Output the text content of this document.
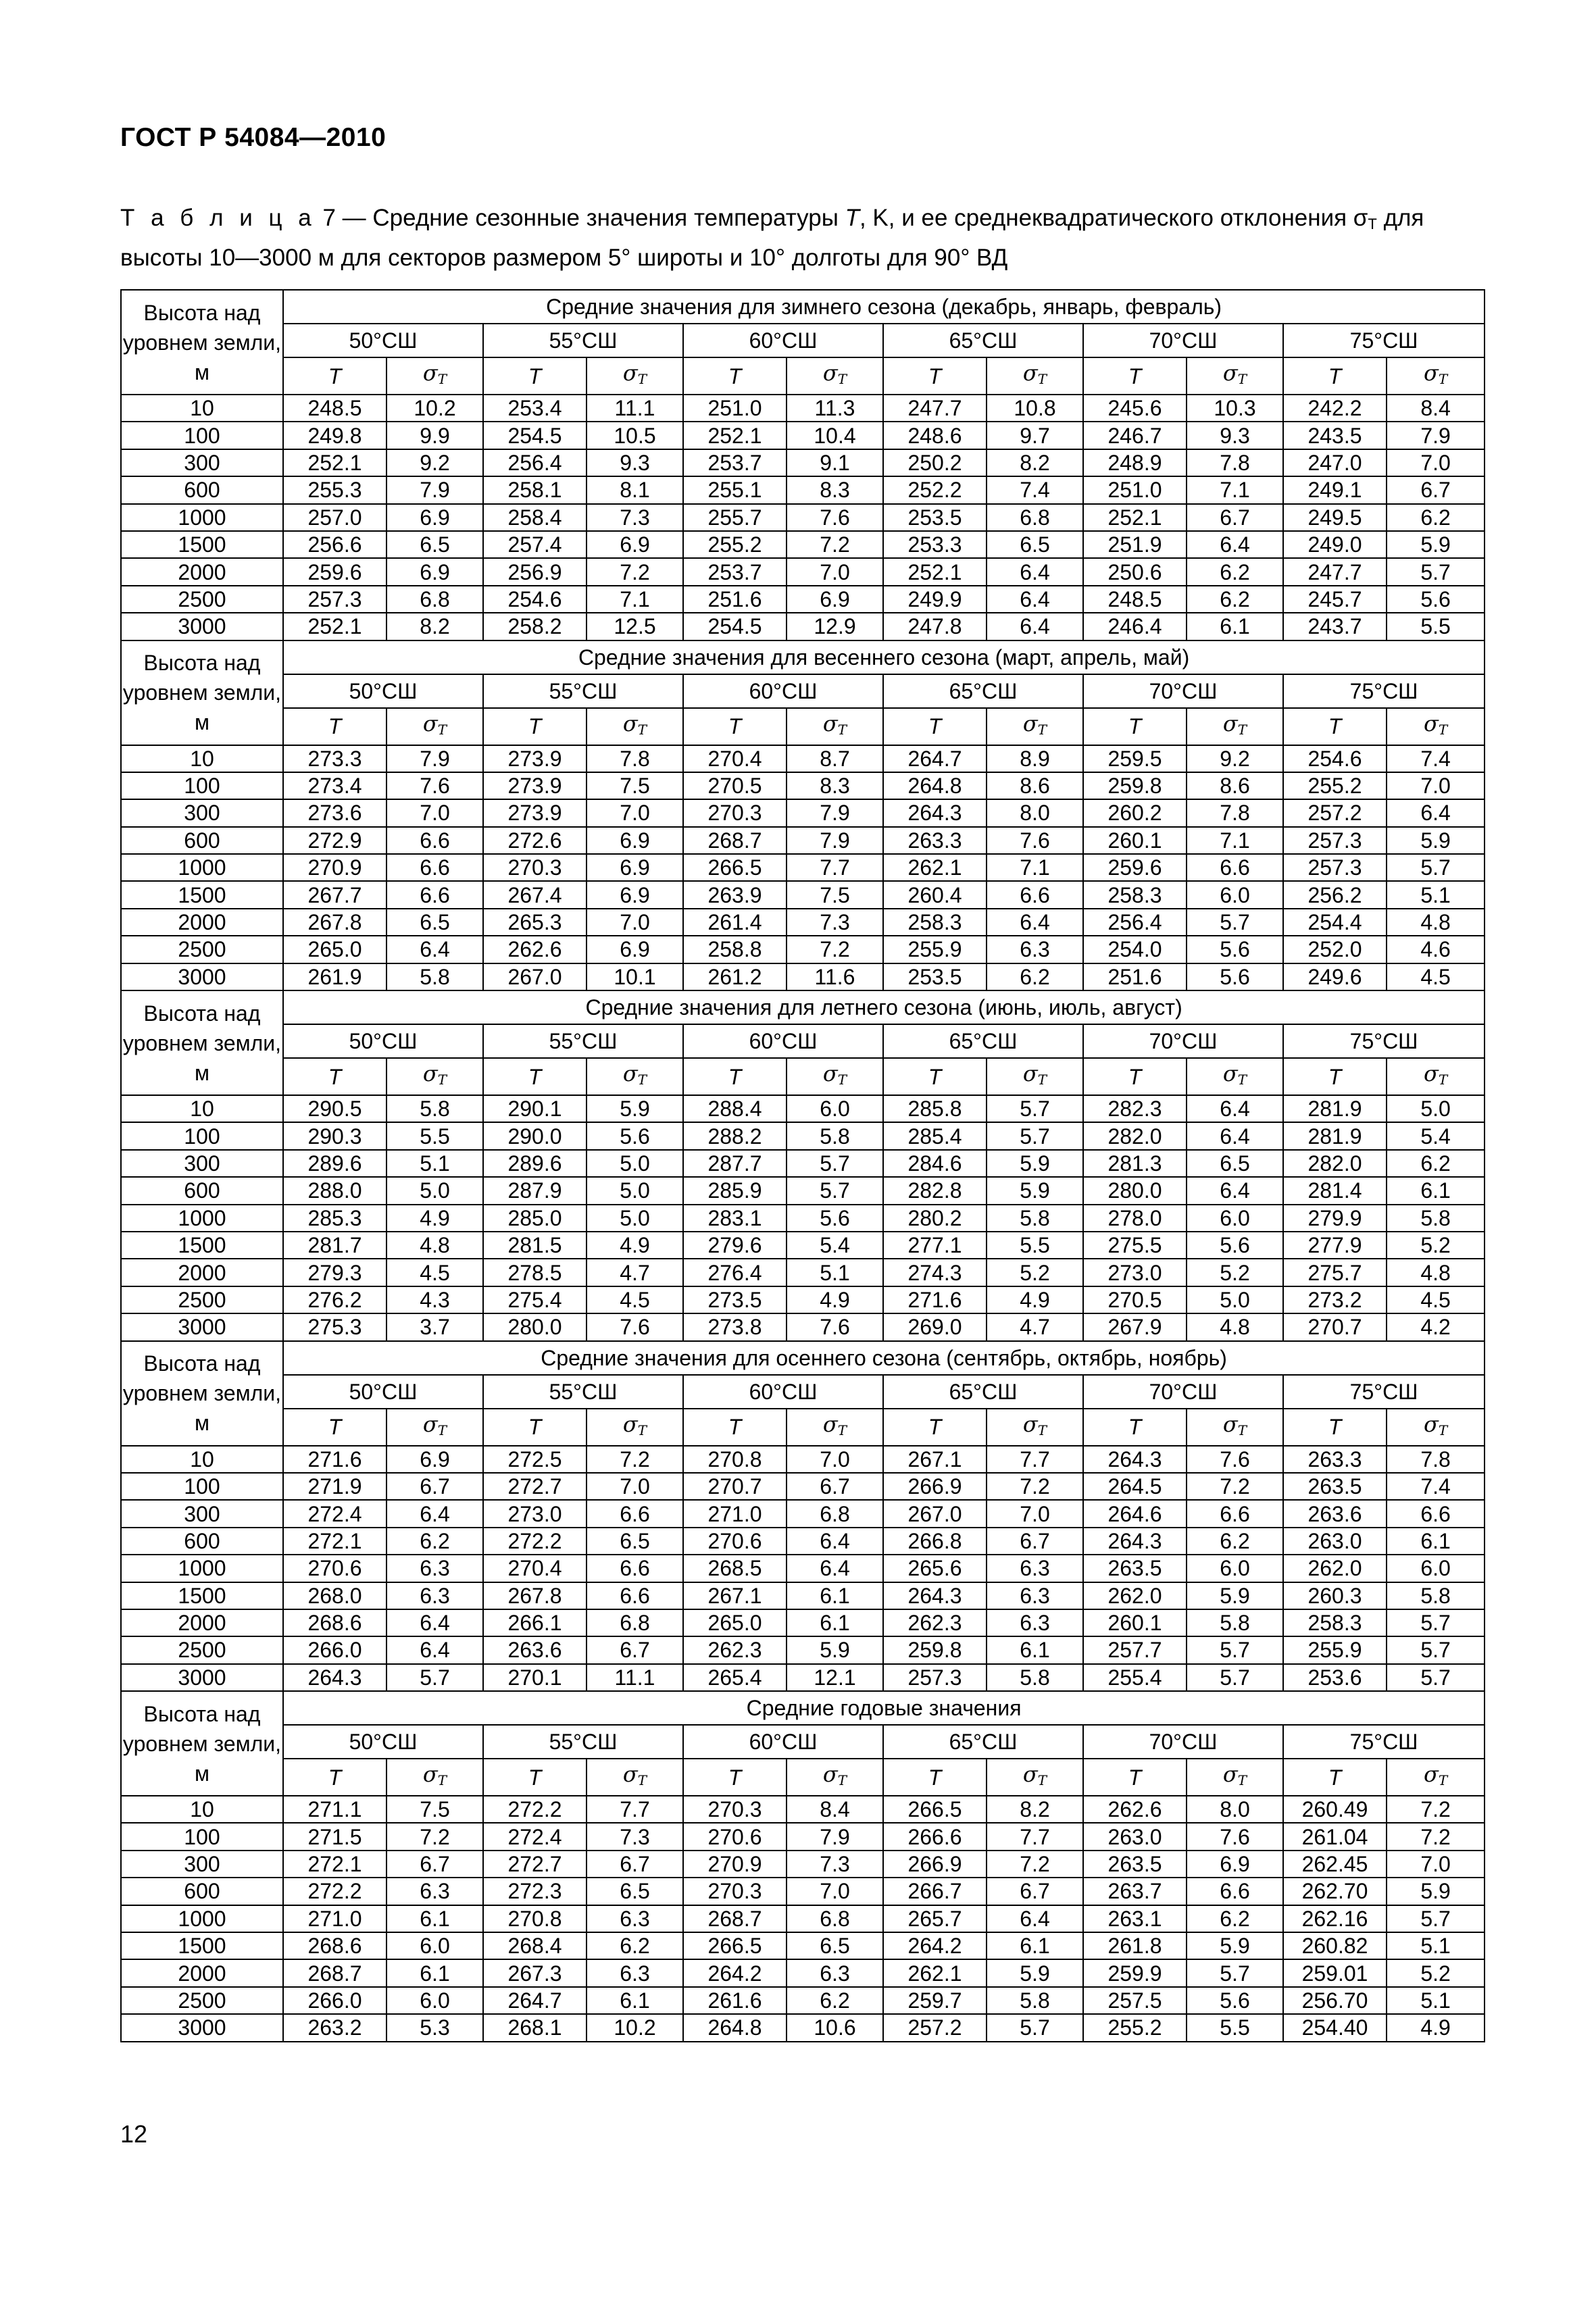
ГОСТ Р 54084—2010
Т а б л и ц а 7 — Средние сезонные значения температуры T, K, и ее среднеквадратического отклонения $\sigma_T$ для высоты 10—3000 м для секторов размером 5° широты и 10° долготы для 90° ВД
Высота над уровнем земли, м	Средние значения для зимнего сезона (декабрь, январь, февраль)											
	50°СШ		55°СШ		60°СШ		65°СШ		70°СШ		75°СШ	
	T	$\sigma_T$	T	$\sigma_T$	T	$\sigma_T$	T	$\sigma_T$	T	$\sigma_T$	T	$\sigma_T$
10	248.5	10.2	253.4	11.1	251.0	11.3	247.7	10.8	245.6	10.3	242.2	8.4
100	249.8	9.9	254.5	10.5	252.1	10.4	248.6	9.7	246.7	9.3	243.5	7.9
300	252.1	9.2	256.4	9.3	253.7	9.1	250.2	8.2	248.9	7.8	247.0	7.0
600	255.3	7.9	258.1	8.1	255.1	8.3	252.2	7.4	251.0	7.1	249.1	6.7
1000	257.0	6.9	258.4	7.3	255.7	7.6	253.5	6.8	252.1	6.7	249.5	6.2
1500	256.6	6.5	257.4	6.9	255.2	7.2	253.3	6.5	251.9	6.4	249.0	5.9
2000	259.6	6.9	256.9	7.2	253.7	7.0	252.1	6.4	250.6	6.2	247.7	5.7
2500	257.3	6.8	254.6	7.1	251.6	6.9	249.9	6.4	248.5	6.2	245.7	5.6
3000	252.1	8.2	258.2	12.5	254.5	12.9	247.8	6.4	246.4	6.1	243.7	5.5
Высота над уровнем земли, м	Средние значения для весеннего сезона (март, апрель, май)											
	50°СШ		55°СШ		60°СШ		65°СШ		70°СШ		75°СШ	
	T	$\sigma_T$	T	$\sigma_T$	T	$\sigma_T$	T	$\sigma_T$	T	$\sigma_T$	T	$\sigma_T$
10	273.3	7.9	273.9	7.8	270.4	8.7	264.7	8.9	259.5	9.2	254.6	7.4
100	273.4	7.6	273.9	7.5	270.5	8.3	264.8	8.6	259.8	8.6	255.2	7.0
300	273.6	7.0	273.9	7.0	270.3	7.9	264.3	8.0	260.2	7.8	257.2	6.4
600	272.9	6.6	272.6	6.9	268.7	7.9	263.3	7.6	260.1	7.1	257.3	5.9
1000	270.9	6.6	270.3	6.9	266.5	7.7	262.1	7.1	259.6	6.6	257.3	5.7
1500	267.7	6.6	267.4	6.9	263.9	7.5	260.4	6.6	258.3	6.0	256.2	5.1
2000	267.8	6.5	265.3	7.0	261.4	7.3	258.3	6.4	256.4	5.7	254.4	4.8
2500	265.0	6.4	262.6	6.9	258.8	7.2	255.9	6.3	254.0	5.6	252.0	4.6
3000	261.9	5.8	267.0	10.1	261.2	11.6	253.5	6.2	251.6	5.6	249.6	4.5
Высота над уровнем земли, м	Средние значения для летнего сезона (июнь, июль, август)											
	50°СШ		55°СШ		60°СШ		65°СШ		70°СШ		75°СШ	
	T	$\sigma_T$	T	$\sigma_T$	T	$\sigma_T$	T	$\sigma_T$	T	$\sigma_T$	T	$\sigma_T$
10	290.5	5.8	290.1	5.9	288.4	6.0	285.8	5.7	282.3	6.4	281.9	5.0
100	290.3	5.5	290.0	5.6	288.2	5.8	285.4	5.7	282.0	6.4	281.9	5.4
300	289.6	5.1	289.6	5.0	287.7	5.7	284.6	5.9	281.3	6.5	282.0	6.2
600	288.0	5.0	287.9	5.0	285.9	5.7	282.8	5.9	280.0	6.4	281.4	6.1
1000	285.3	4.9	285.0	5.0	283.1	5.6	280.2	5.8	278.0	6.0	279.9	5.8
1500	281.7	4.8	281.5	4.9	279.6	5.4	277.1	5.5	275.5	5.6	277.9	5.2
2000	279.3	4.5	278.5	4.7	276.4	5.1	274.3	5.2	273.0	5.2	275.7	4.8
2500	276.2	4.3	275.4	4.5	273.5	4.9	271.6	4.9	270.5	5.0	273.2	4.5
3000	275.3	3.7	280.0	7.6	273.8	7.6	269.0	4.7	267.9	4.8	270.7	4.2
Высота над уровнем земли, м	Средние значения для осеннего сезона (сентябрь, октябрь, ноябрь)											
	50°СШ		55°СШ		60°СШ		65°СШ		70°СШ		75°СШ	
	T	$\sigma_T$	T	$\sigma_T$	T	$\sigma_T$	T	$\sigma_T$	T	$\sigma_T$	T	$\sigma_T$
10	271.6	6.9	272.5	7.2	270.8	7.0	267.1	7.7	264.3	7.6	263.3	7.8
100	271.9	6.7	272.7	7.0	270.7	6.7	266.9	7.2	264.5	7.2	263.5	7.4
300	272.4	6.4	273.0	6.6	271.0	6.8	267.0	7.0	264.6	6.6	263.6	6.6
600	272.1	6.2	272.2	6.5	270.6	6.4	266.8	6.7	264.3	6.2	263.0	6.1
1000	270.6	6.3	270.4	6.6	268.5	6.4	265.6	6.3	263.5	6.0	262.0	6.0
1500	268.0	6.3	267.8	6.6	267.1	6.1	264.3	6.3	262.0	5.9	260.3	5.8
2000	268.6	6.4	266.1	6.8	265.0	6.1	262.3	6.3	260.1	5.8	258.3	5.7
2500	266.0	6.4	263.6	6.7	262.3	5.9	259.8	6.1	257.7	5.7	255.9	5.7
3000	264.3	5.7	270.1	11.1	265.4	12.1	257.3	5.8	255.4	5.7	253.6	5.7
Высота над уровнем земли, м	Средние годовые значения											
	50°СШ		55°СШ		60°СШ		65°СШ		70°СШ		75°СШ	
	T	$\sigma_T$	T	$\sigma_T$	T	$\sigma_T$	T	$\sigma_T$	T	$\sigma_T$	T	$\sigma_T$
10	271.1	7.5	272.2	7.7	270.3	8.4	266.5	8.2	262.6	8.0	260.49	7.2
100	271.5	7.2	272.4	7.3	270.6	7.9	266.6	7.7	263.0	7.6	261.04	7.2
300	272.1	6.7	272.7	6.7	270.9	7.3	266.9	7.2	263.5	6.9	262.45	7.0
600	272.2	6.3	272.3	6.5	270.3	7.0	266.7	6.7	263.7	6.6	262.70	5.9
1000	271.0	6.1	270.8	6.3	268.7	6.8	265.7	6.4	263.1	6.2	262.16	5.7
1500	268.6	6.0	268.4	6.2	266.5	6.5	264.2	6.1	261.8	5.9	260.82	5.1
2000	268.7	6.1	267.3	6.3	264.2	6.3	262.1	5.9	259.9	5.7	259.01	5.2
2500	266.0	6.0	264.7	6.1	261.6	6.2	259.7	5.8	257.5	5.6	256.70	5.1
3000	263.2	5.3	268.1	10.2	264.8	10.6	257.2	5.7	255.2	5.5	254.40	4.9
12
